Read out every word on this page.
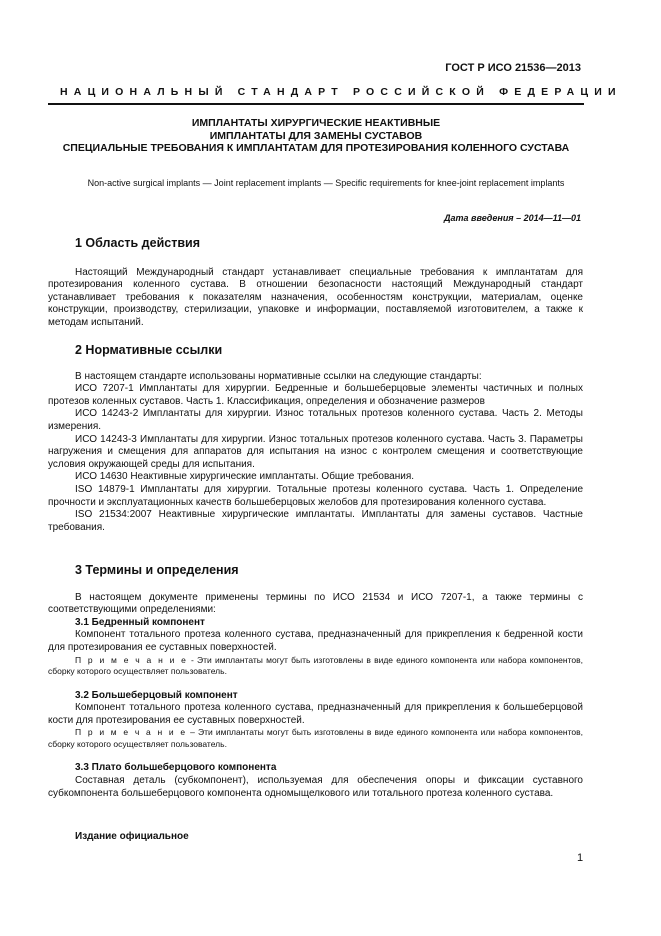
ГОСТ Р ИСО 21536—2013
НАЦИОНАЛЬНЫЙ СТАНДАРТ РОССИЙСКОЙ ФЕДЕРАЦИИ
ИМПЛАНТАТЫ ХИРУРГИЧЕСКИЕ НЕАКТИВНЫЕ
ИМПЛАНТАТЫ ДЛЯ ЗАМЕНЫ СУСТАВОВ
СПЕЦИАЛЬНЫЕ ТРЕБОВАНИЯ К ИМПЛАНТАТАМ ДЛЯ ПРОТЕЗИРОВАНИЯ КОЛЕННОГО СУСТАВА
Non-active surgical implants — Joint replacement implants — Specific requirements for knee-joint replacement implants
Дата введения – 2014—11—01
1 Область действия

Настоящий Международный стандарт устанавливает специальные требования к имплантатам для протезирования коленного сустава. В отношении безопасности настоящий Международный стандарт устанавливает требования к показателям назначения, особенностям конструкции, материалам, оценке конструкции, производству, стерилизации, упаковке и информации, поставляемой изготовителем, а также к методам испытаний.

2 Нормативные ссылки

В настоящем стандарте использованы нормативные ссылки на следующие стандарты:

ИСО 7207-1 Имплантаты для хирургии. Бедренные и большеберцовые элементы частичных и полных протезов коленных суставов. Часть 1. Классификация, определения и обозначение размеров

ИСО 14243-2 Имплантаты для хирургии. Износ тотальных протезов коленного сустава. Часть 2. Методы измерения.

ИСО 14243-3 Имплантаты для хирургии. Износ тотальных протезов коленного сустава. Часть 3. Параметры нагружения и смещения для аппаратов для испытания на износ с контролем смещения и соответствующие условия окружающей среды для испытания.

ИСО 14630 Неактивные хирургические имплантаты. Общие требования.

ISO 14879-1 Имплантаты для хирургии. Тотальные протезы коленного сустава. Часть 1. Определение прочности и эксплуатационных качеств большеберцовых желобов для протезирования коленного сустава.

ISO 21534:2007 Неактивные хирургические имплантаты. Имплантаты для замены суставов. Частные требования.

3 Термины и определения

В настоящем документе применены термины по ИСО 21534 и ИСО 7207-1, а также термины с соответствующими определениями:

3.1 Бедренный компонент

Компонент тотального протеза коленного сустава, предназначенный для прикрепления к бедренной кости для протезирования ее суставных поверхностей.

П р и м е ч а н и е - Эти имплантаты могут быть изготовлены в виде единого компонента или набора компонентов, сборку которого осуществляет пользователь.

3.2 Большеберцовый компонент

Компонент тотального протеза коленного сустава, предназначенный для прикрепления к большеберцовой кости для протезирования ее суставных поверхностей.

П р и м е ч а н и е – Эти имплантаты могут быть изготовлены в виде единого компонента или набора компонентов, сборку которого осуществляет пользователь.

3.3 Плато большеберцового компонента

Составная деталь (субкомпонент), используемая для обеспечения опоры и фиксации суставного субкомпонента большеберцового компонента одномыщелкового или тотального протеза коленного сустава.

Издание официальное
1
